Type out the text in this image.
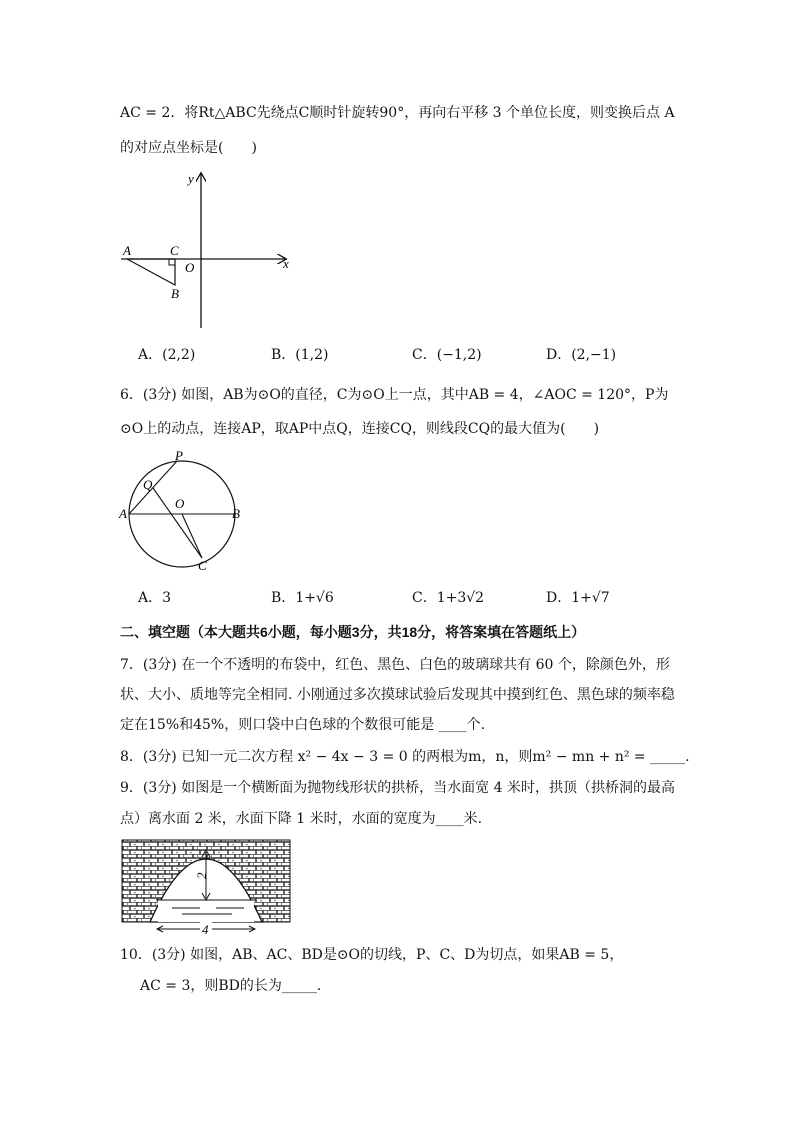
AC = 2．将Rt△ABC先绕点C顺时针旋转90°，再向右平移 3 个单位长度，则变换后点 A
的对应点坐标是(　　)
y
x
A	C
O
B
A．(2,2)	B．(1,2)	C．(−1,2)	D．(2,−1)
6．(3分) 如图，AB为⊙O的直径，C为⊙O上一点，其中AB = 4，∠AOC = 120°，P为
⊙O上的动点，连接AP，取AP中点Q，连接CQ，则线段CQ的最大值为(　　)
P
Q
O
A	B
C
A．3	B．1+√6	C．1+3√2	D．1+√7
二、填空题（本大题共6小题，每小题3分，共18分，将答案填在答题纸上）
7．(3分) 在一个不透明的布袋中，红色、黑色、白色的玻璃球共有 60 个，除颜色外，形
状、大小、质地等完全相同. 小刚通过多次摸球试验后发现其中摸到红色、黑色球的频率稳
定在15%和45%，则口袋中白色球的个数很可能是 ____个.
8．(3分) 已知一元二次方程 x² − 4x − 3 = 0 的两根为m，n，则m² − mn + n² = _____.
9．(3分) 如图是一个横断面为抛物线形状的拱桥，当水面宽 4 米时，拱顶（拱桥洞的最高
点）离水面 2 米，水面下降 1 米时，水面的宽度为____米.
2
4
10．(3分) 如图，AB、AC、BD是⊙O的切线，P、C、D为切点，如果AB = 5，
AC = 3，则BD的长为_____.
